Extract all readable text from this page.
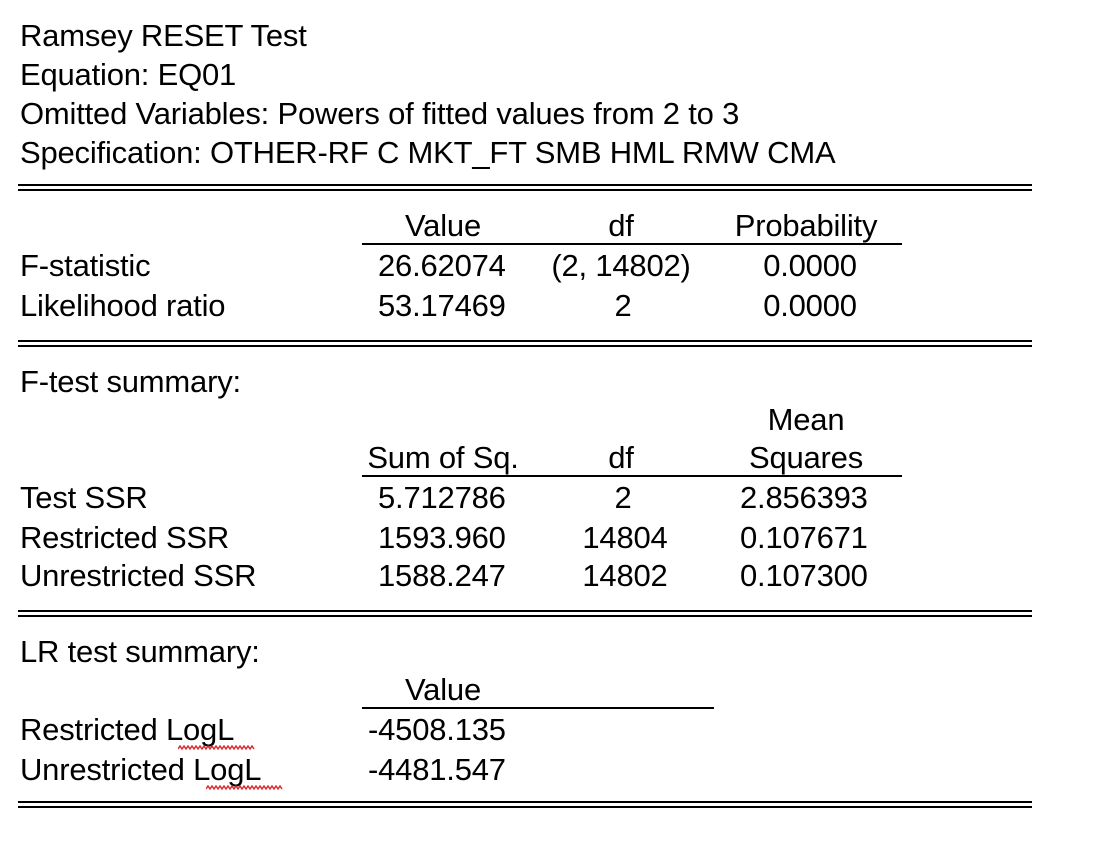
Ramsey RESET Test
Equation: EQ01
Omitted Variables: Powers of fitted values from 2 to 3
Specification: OTHER-RF C MKT_FT SMB HML RMW CMA
Value	df	Probability
F-statistic	26.62074 (2, 14802) 0.0000
Likelihood ratio	53.17469	2	0.0000
F-test summary:
Mean
Sum of Sq.	df	Squares
Test SSR	5.712786	2	2.856393
Restricted SSR	1593.960 14804 0.107671
Unrestricted SSR	1588.247 14802 0.107300
LR test summary:
Value
Restricted LogL	-4508.135
Unrestricted LogL	-4481.547
